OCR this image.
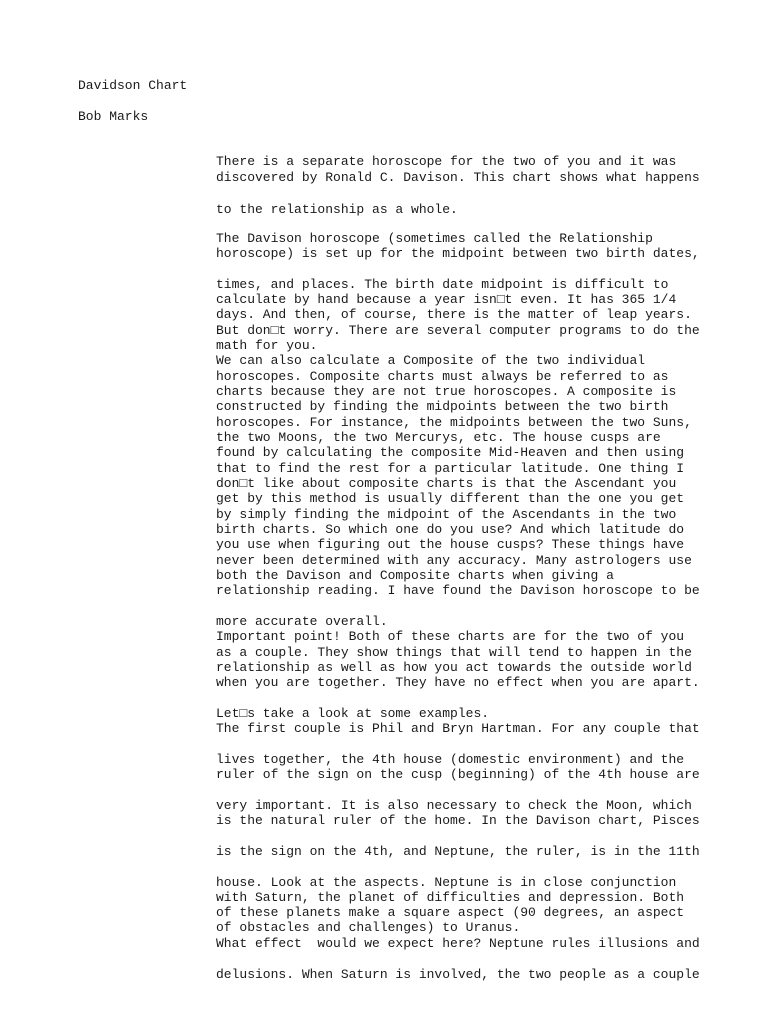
Davidson Chart
Bob Marks
There is a separate horoscope for the two of you and it was
discovered by Ronald C. Davison. This chart shows what happens
to the relationship as a whole.
The Davison horoscope (sometimes called the Relationship
horoscope) is set up for the midpoint between two birth dates,
times, and places. The birth date midpoint is difficult to
calculate by hand because a year isn□t even. It has 365 1/4
days. And then, of course, there is the matter of leap years.
But don□t worry. There are several computer programs to do the
math for you.
We can also calculate a Composite of the two individual
horoscopes. Composite charts must always be referred to as
charts because they are not true horoscopes. A composite is
constructed by finding the midpoints between the two birth
horoscopes. For instance, the midpoints between the two Suns,
the two Moons, the two Mercurys, etc. The house cusps are
found by calculating the composite Mid-Heaven and then using
that to find the rest for a particular latitude. One thing I
don□t like about composite charts is that the Ascendant you
get by this method is usually different than the one you get
by simply finding the midpoint of the Ascendants in the two
birth charts. So which one do you use? And which latitude do
you use when figuring out the house cusps? These things have
never been determined with any accuracy. Many astrologers use
both the Davison and Composite charts when giving a
relationship reading. I have found the Davison horoscope to be
more accurate overall.
Important point! Both of these charts are for the two of you
as a couple. They show things that will tend to happen in the
relationship as well as how you act towards the outside world
when you are together. They have no effect when you are apart.
Let□s take a look at some examples.
The first couple is Phil and Bryn Hartman. For any couple that
lives together, the 4th house (domestic environment) and the
ruler of the sign on the cusp (beginning) of the 4th house are
very important. It is also necessary to check the Moon, which
is the natural ruler of the home. In the Davison chart, Pisces
is the sign on the 4th, and Neptune, the ruler, is in the 11th
house. Look at the aspects. Neptune is in close conjunction
with Saturn, the planet of difficulties and depression. Both
of these planets make a square aspect (90 degrees, an aspect
of obstacles and challenges) to Uranus.
What effect  would we expect here? Neptune rules illusions and
delusions. When Saturn is involved, the two people as a couple
